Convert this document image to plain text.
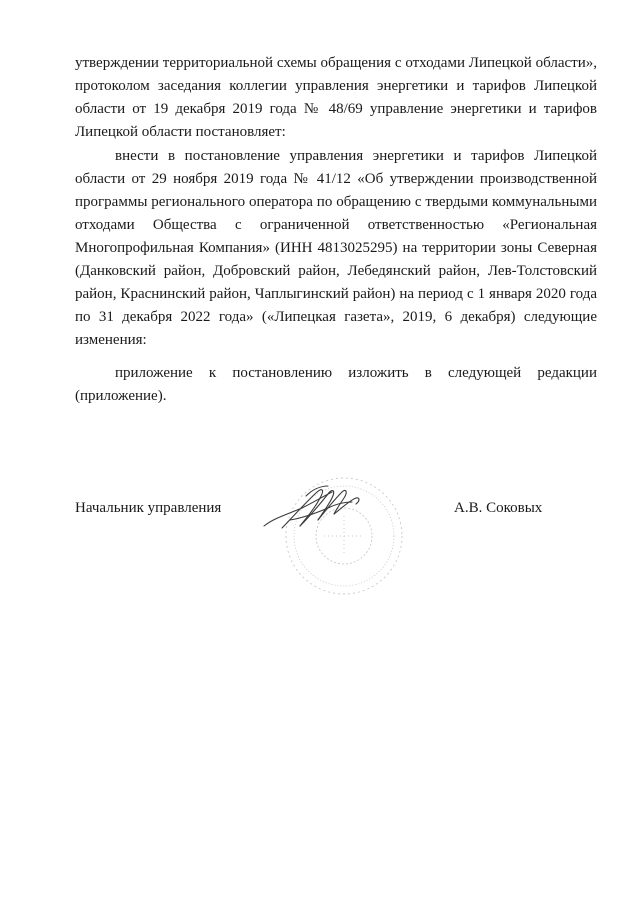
утверждении территориальной схемы обращения с отходами Липецкой области», протоколом заседания коллегии управления энергетики и тарифов Липецкой области от 19 декабря 2019 года № 48/69 управление энергетики и тарифов Липецкой области постановляет:

внести в постановление управления энергетики и тарифов Липецкой области от 29 ноября 2019 года № 41/12 «Об утверждении производственной программы регионального оператора по обращению с твердыми коммунальными отходами Общества с ограниченной ответственностью «Региональная Многопрофильная Компания» (ИНН 4813025295) на территории зоны Северная (Данковский район, Добровский район, Лебедянский район, Лев-Толстовский район, Краснинский район, Чаплыгинский район) на период с 1 января 2020 года по 31 декабря 2022 года» («Липецкая газета», 2019, 6 декабря) следующие изменения:

приложение к постановлению изложить в следующей редакции (приложение).

Начальник управления	А.В. Соковых
